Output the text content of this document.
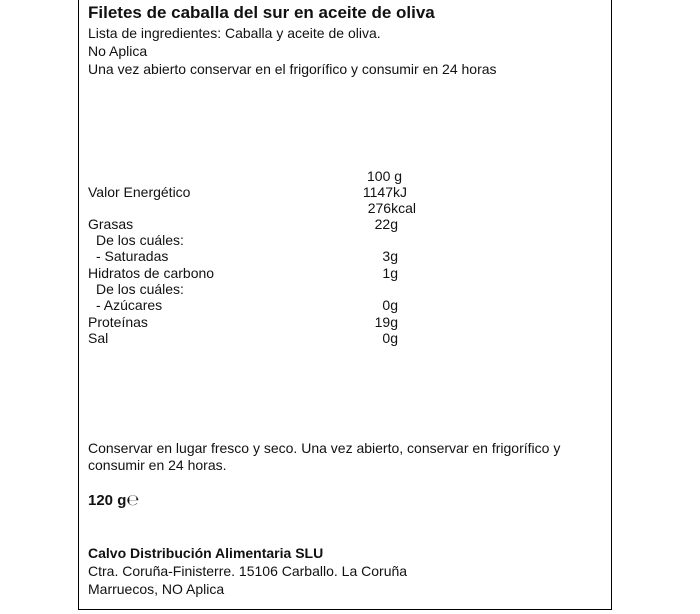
Filetes de caballa del sur en aceite de oliva
Lista de ingredientes: Caballa y aceite de oliva.
No Aplica
Una vez abierto conservar en el frigorífico y consumir en 24 horas
100 g
Valor Energético	1147kJ
276kcal
Grasas	22g
De los cuáles:
- Saturadas	3g
Hidratos de carbono	1g
De los cuáles:
- Azúcares	0g
Proteínas	19g
Sal	0g
Conservar en lugar fresco y seco. Una vez abierto, conservar en frigorífico y
consumir en 24 horas.
120 g℮
Calvo Distribución Alimentaria SLU
Ctra. Coruña-Finisterre. 15106 Carballo. La Coruña
Marruecos, NO Aplica
